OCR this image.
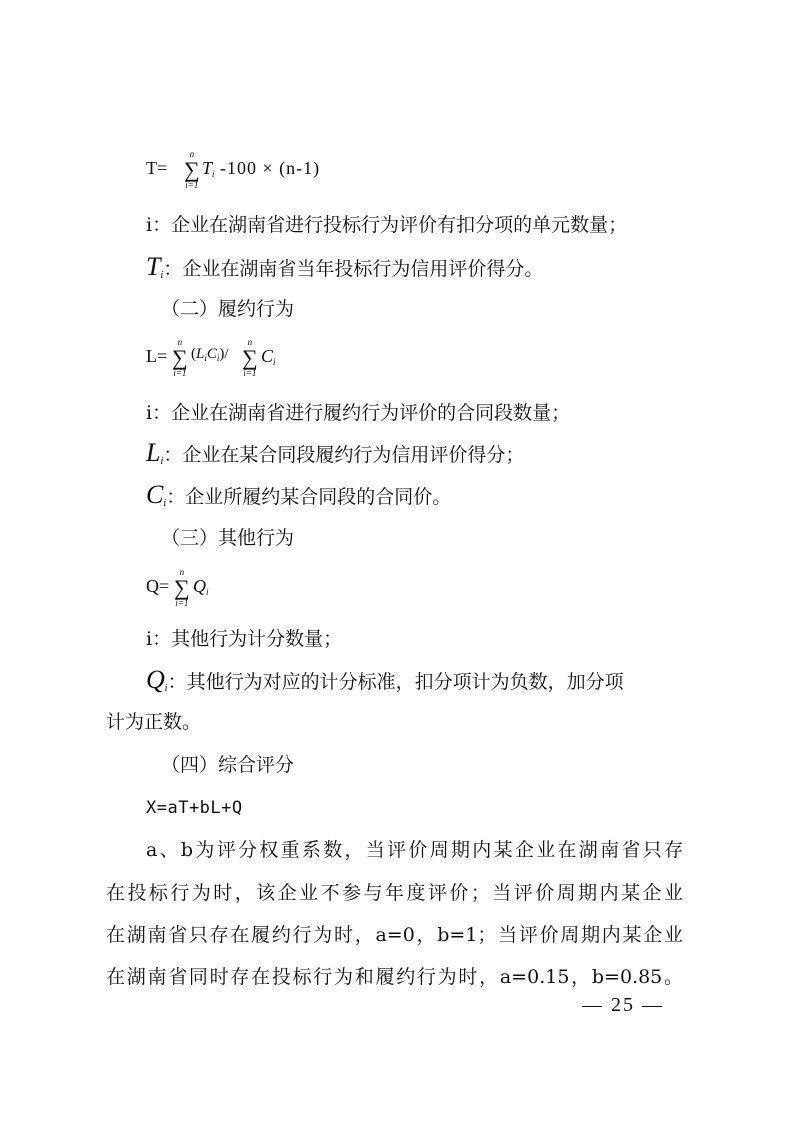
T=
n
∑
i=1
$T_i$ -100 × (n-1)
i：企业在湖南省进行投标行为评价有扣分项的单元数量；
$T_i$：企业在湖南省当年投标行为信用评价得分。
（二）履约行为
L=
n
∑
i=1
$(L_iC_i)/$
n
∑
i=1
$C_i$
i：企业在湖南省进行履约行为评价的合同段数量；
$L_i$：企业在某合同段履约行为信用评价得分；
$C_i$：企业所履约某合同段的合同价。
（三）其他行为
Q=
n
∑
i=1
$Q_i$
i：其他行为计分数量；
$Q_i$：其他行为对应的计分标准，扣分项计为负数，加分项
计为正数。
（四）综合评分
X=aT+bL+Q
a、b为评分权重系数，当评价周期内某企业在湖南省只存
在投标行为时，该企业不参与年度评价；当评价周期内某企业
在湖南省只存在履约行为时，a=0，b=1；当评价周期内某企业
在湖南省同时存在投标行为和履约行为时，a=0.15，b=0.85。
— 25 —
